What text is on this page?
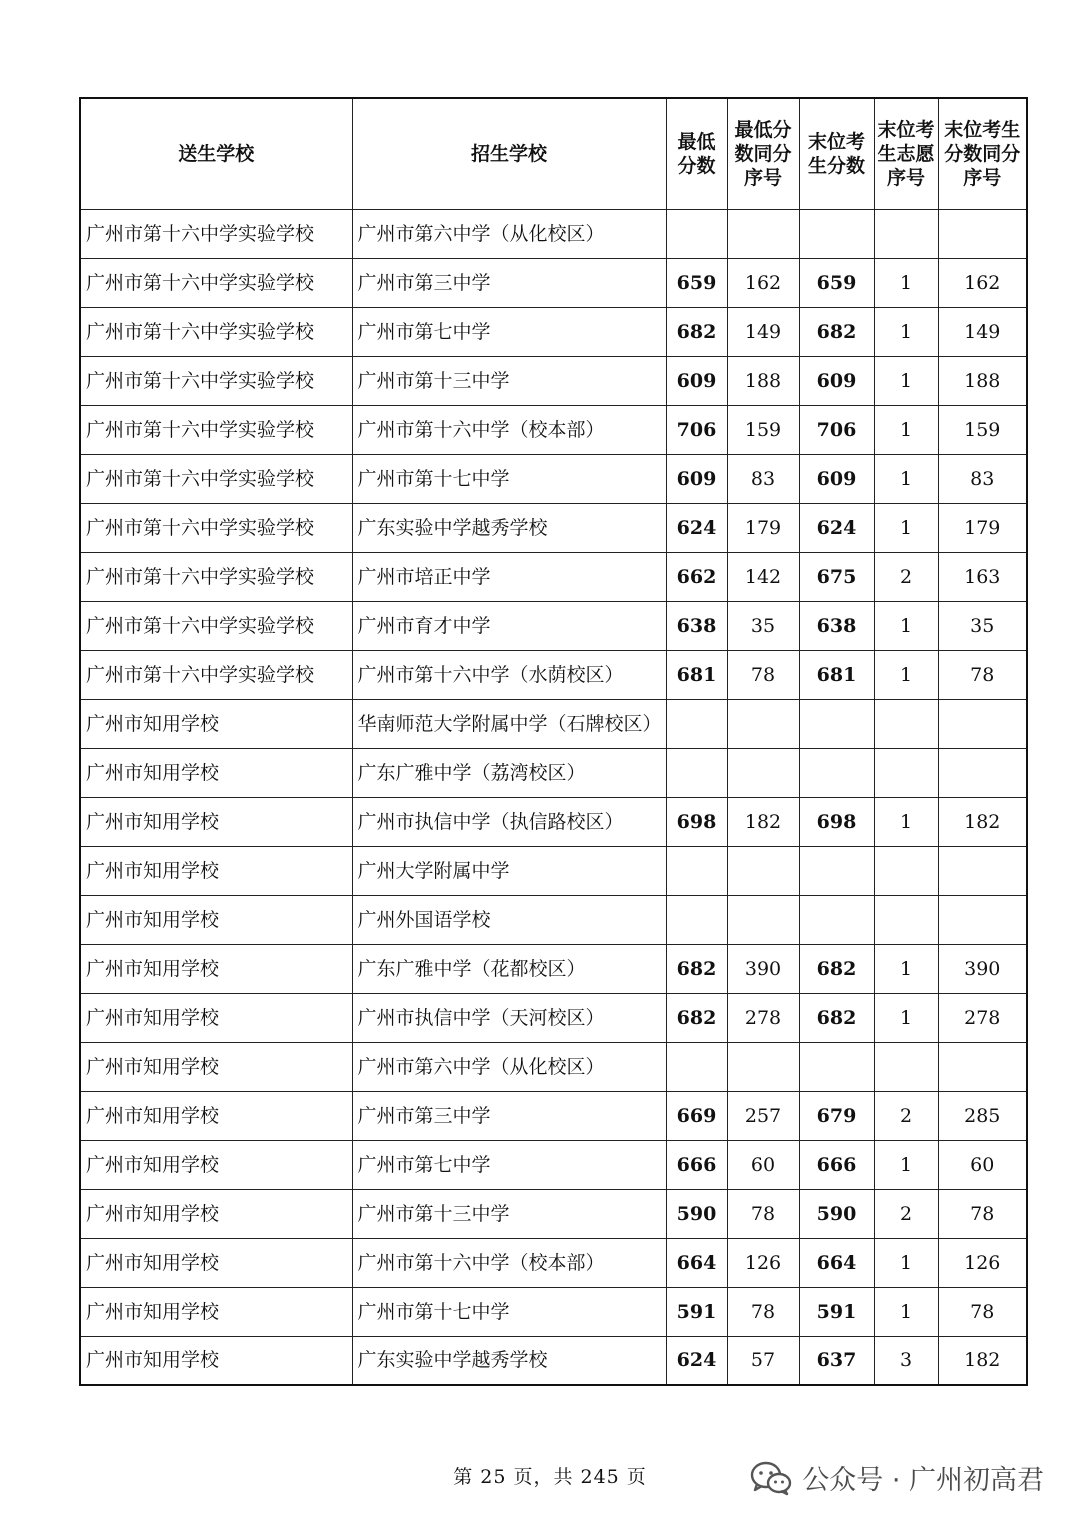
送生学校	招生学校	最低分数	最低分数同分序号	末位考生分数	末位考生志愿序号	末位考生分数同分序号
广州市第十六中学实验学校	广州市第六中学（从化校区）					
广州市第十六中学实验学校	广州市第三中学	659	162	659	1	162
广州市第十六中学实验学校	广州市第七中学	682	149	682	1	149
广州市第十六中学实验学校	广州市第十三中学	609	188	609	1	188
广州市第十六中学实验学校	广州市第十六中学（校本部）	706	159	706	1	159
广州市第十六中学实验学校	广州市第十七中学	609	83	609	1	83
广州市第十六中学实验学校	广东实验中学越秀学校	624	179	624	1	179
广州市第十六中学实验学校	广州市培正中学	662	142	675	2	163
广州市第十六中学实验学校	广州市育才中学	638	35	638	1	35
广州市第十六中学实验学校	广州市第十六中学（水荫校区）	681	78	681	1	78
广州市知用学校	华南师范大学附属中学（石牌校区）					
广州市知用学校	广东广雅中学（荔湾校区）					
广州市知用学校	广州市执信中学（执信路校区）	698	182	698	1	182
广州市知用学校	广州大学附属中学					
广州市知用学校	广州外国语学校					
广州市知用学校	广东广雅中学（花都校区）	682	390	682	1	390
广州市知用学校	广州市执信中学（天河校区）	682	278	682	1	278
广州市知用学校	广州市第六中学（从化校区）					
广州市知用学校	广州市第三中学	669	257	679	2	285
广州市知用学校	广州市第七中学	666	60	666	1	60
广州市知用学校	广州市第十三中学	590	78	590	2	78
广州市知用学校	广州市第十六中学（校本部）	664	126	664	1	126
广州市知用学校	广州市第十七中学	591	78	591	1	78
广州市知用学校	广东实验中学越秀学校	624	57	637	3	182
第 25 页，共 245 页	公众号 · 广州初高君
